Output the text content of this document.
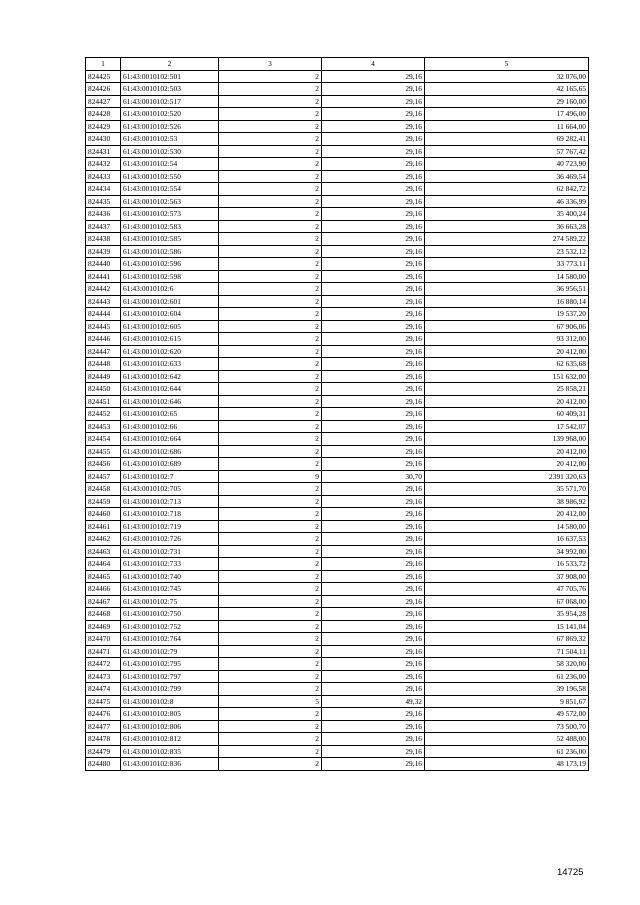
1	2	3	4	5
824425	61:43:0010102:501	2	29,16	32 076,00
824426	61:43:0010102:503	2	29,16	42 165,65
824427	61:43:0010102:517	2	29,16	29 160,00
824428	61:43:0010102:520	2	29,16	17 496,00
824429	61:43:0010102:526	2	29,16	11 664,00
824430	61:43:0010102:53	2	29,16	69 282,41
824431	61:43:0010102:530	2	29,16	57 767,42
824432	61:43:0010102:54	2	29,16	40 723,90
824433	61:43:0010102:550	2	29,16	36 469,54
824434	61:43:0010102:554	2	29,16	62 842,72
824435	61:43:0010102:563	2	29,16	46 336,99
824436	61:43:0010102:573	2	29,16	35 400,24
824437	61:43:0010102:583	2	29,16	36 663,28
824438	61:43:0010102:585	2	29,16	274 589,22
824439	61:43:0010102:586	2	29,16	23 532,12
824440	61:43:0010102:596	2	29,16	33 773,11
824441	61:43:0010102:598	2	29,16	14 580,00
824442	61:43:0010102:6	2	29,16	36 956,51
824443	61:43:0010102:601	2	29,16	16 880,14
824444	61:43:0010102:604	2	29,16	19 537,20
824445	61:43:0010102:605	2	29,16	67 906,06
824446	61:43:0010102:615	2	29,16	93 312,00
824447	61:43:0010102:620	2	29,16	20 412,00
824448	61:43:0010102:633	2	29,16	62 635,68
824449	61:43:0010102:642	2	29,16	151 632,00
824450	61:43:0010102:644	2	29,16	25 858,21
824451	61:43:0010102:646	2	29,16	20 412,00
824452	61:43:0010102:65	2	29,16	60 409,31
824453	61:43:0010102:66	2	29,16	17 542,07
824454	61:43:0010102:664	2	29,16	139 968,00
824455	61:43:0010102:686	2	29,16	20 412,00
824456	61:43:0010102:689	2	29,16	20 412,00
824457	61:43:0010102:7	9	30,70	2391 320,63
824458	61:43:0010102:705	2	29,16	35 571,70
824459	61:43:0010102:713	2	29,16	38 986,92
824460	61:43:0010102:718	2	29,16	20 412,00
824461	61:43:0010102:719	2	29,16	14 580,00
824462	61:43:0010102:726	2	29,16	16 637,53
824463	61:43:0010102:731	2	29,16	34 992,00
824464	61:43:0010102:733	2	29,16	16 533,72
824465	61:43:0010102:740	2	29,16	37 908,00
824466	61:43:0010102:745	2	29,16	47 705,76
824467	61:43:0010102:75	2	29,16	67 068,00
824468	61:43:0010102:750	2	29,16	35 954,28
824469	61:43:0010102:752	2	29,16	15 141,04
824470	61:43:0010102:764	2	29,16	67 869,32
824471	61:43:0010102:79	2	29,16	71 504,11
824472	61:43:0010102:795	2	29,16	58 320,00
824473	61:43:0010102:797	2	29,16	61 236,00
824474	61:43:0010102:799	2	29,16	39 196,58
824475	61:43:0010102:8	5	49,32	9 851,67
824476	61:43:0010102:805	2	29,16	49 572,00
824477	61:43:0010102:806	2	29,16	73 500,70
824478	61:43:0010102:812	2	29,16	52 488,00
824479	61:43:0010102:835	2	29,16	61 236,00
824480	61:43:0010102:836	2	29,16	48 173,19
14725
